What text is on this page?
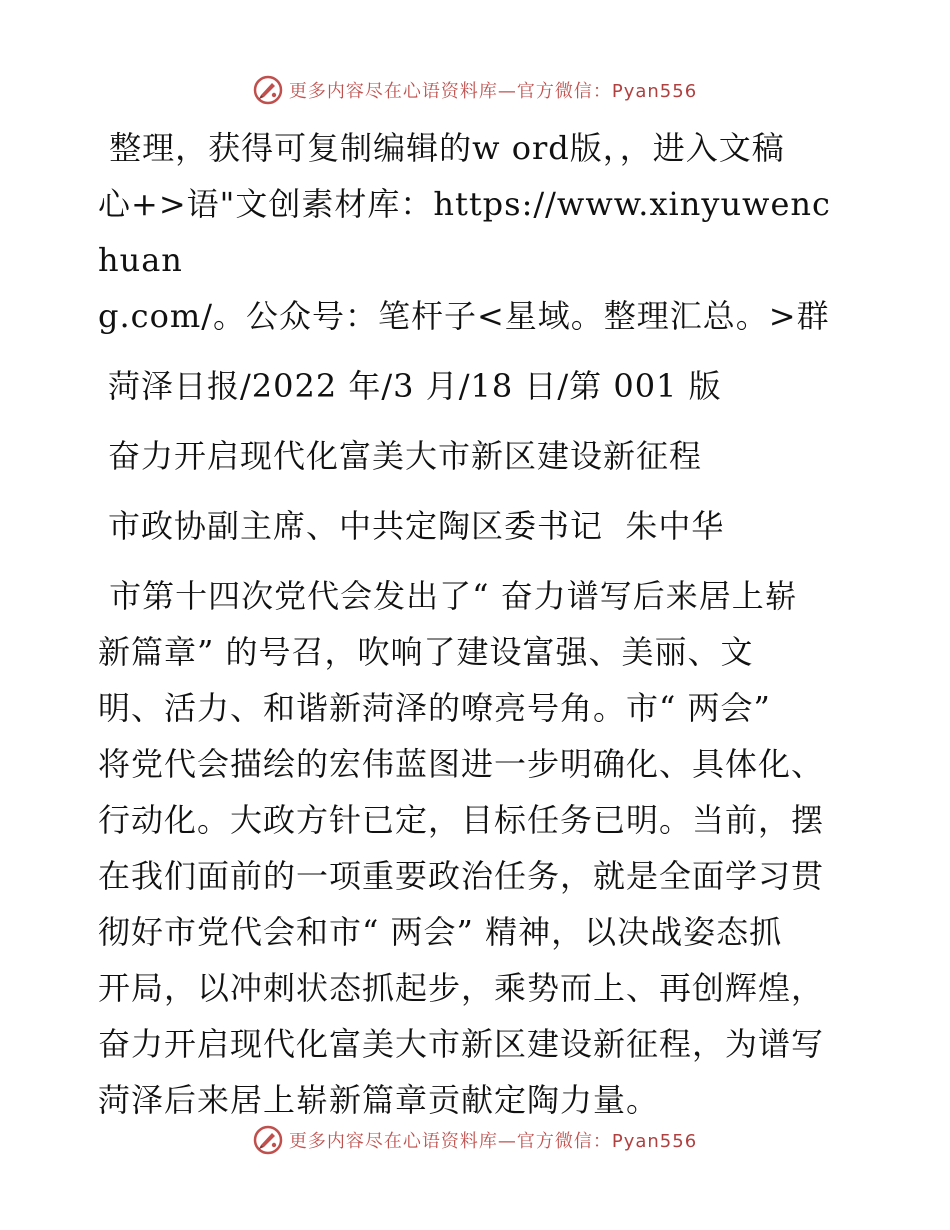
更多内容尽在心语资料库—官方微信：Pyan556

整理，获得可复制编辑的w ord版，，进入文稿

心+>语"文创素材库：https://www.xinyuwenchuan

g.com/。公众号：笔杆子<星域。整理汇总。>群

菏泽日报/2022 年/3 月/18 日/第 001 版

奋力开启现代化富美大市新区建设新征程

市政协副主席、中共定陶区委书记  朱中华

市第十四次党代会发出了“ 奋力谱写后来居上崭

新篇章” 的号召，吹响了建设富强、美丽、文

明、活力、和谐新菏泽的嘹亮号角。市“ 两会”

将党代会描绘的宏伟蓝图进一步明确化、具体化、

行动化。大政方针已定，目标任务已明。当前，摆

在我们面前的一项重要政治任务，就是全面学习贯

彻好市党代会和市“ 两会” 精神，以决战姿态抓

开局，以冲刺状态抓起步，乘势而上、再创辉煌，

奋力开启现代化富美大市新区建设新征程，为谱写

菏泽后来居上崭新篇章贡献定陶力量。

更多内容尽在心语资料库—官方微信：Pyan556
